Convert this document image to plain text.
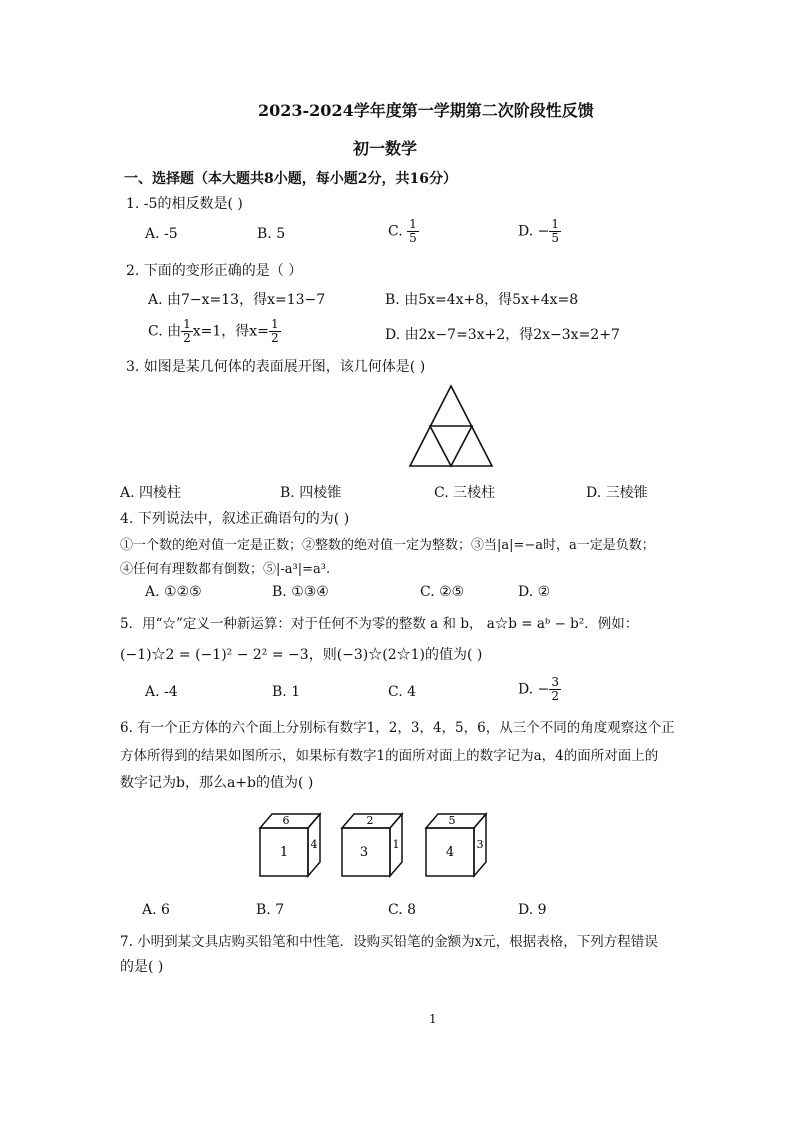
2023-2024学年度第一学期第二次阶段性反馈
初一数学
一、选择题（本大题共8小题，每小题2分，共16分）
1. -5的相反数是( )
A. -5	B. 5	C. $\frac{1}{5}$	D. − $\frac{1}{5}$
2. 下面的变形正确的是（ ）
A. 由7−x=13，得x=13−7	B. 由5x=4x+8，得5x+4x=8
C. 由 $\frac{1}{2} x=1$，得$x= \frac{1}{2}$	D. 由2x−7=3x+2，得2x−3x=2+7
3. 如图是某几何体的表面展开图，该几何体是( )
A. 四棱柱	B. 四棱锥	C. 三棱柱	D. 三棱锥
4. 下列说法中，叙述正确语句的为( )
①一个数的绝对值一定是正数；②整数的绝对值一定为整数；③当|a|=−a时，a一定是负数；
④任何有理数都有倒数；⑤|-a³|=a³.
A. ①②⑤	B. ①③④	C. ②⑤	D. ②
5．用“☆”定义一种新运算：对于任何不为零的整数 a 和 b， a☆b = aᵇ − b²．例如：
(−1)☆2 = (−1)² − 2² = −3，则(−3)☆(2☆1)的值为( )
A. -4	B. 1	C. 4	D. − $\frac{3}{2}$
6. 有一个正方体的六个面上分别标有数字1，2，3，4，5，6，从三个不同的角度观察这个正
方体所得到的结果如图所示，如果标有数字1的面所对面上的数字记为a，4的面所对面上的
数字记为b，那么a+b的值为( )
6
1
4
2
3
1
5
4
3
A. 6	B. 7	C. 8	D. 9
7. 小明到某文具店购买铅笔和中性笔．设购买铅笔的金额为x元，根据表格，下列方程错误
的是( )
1
